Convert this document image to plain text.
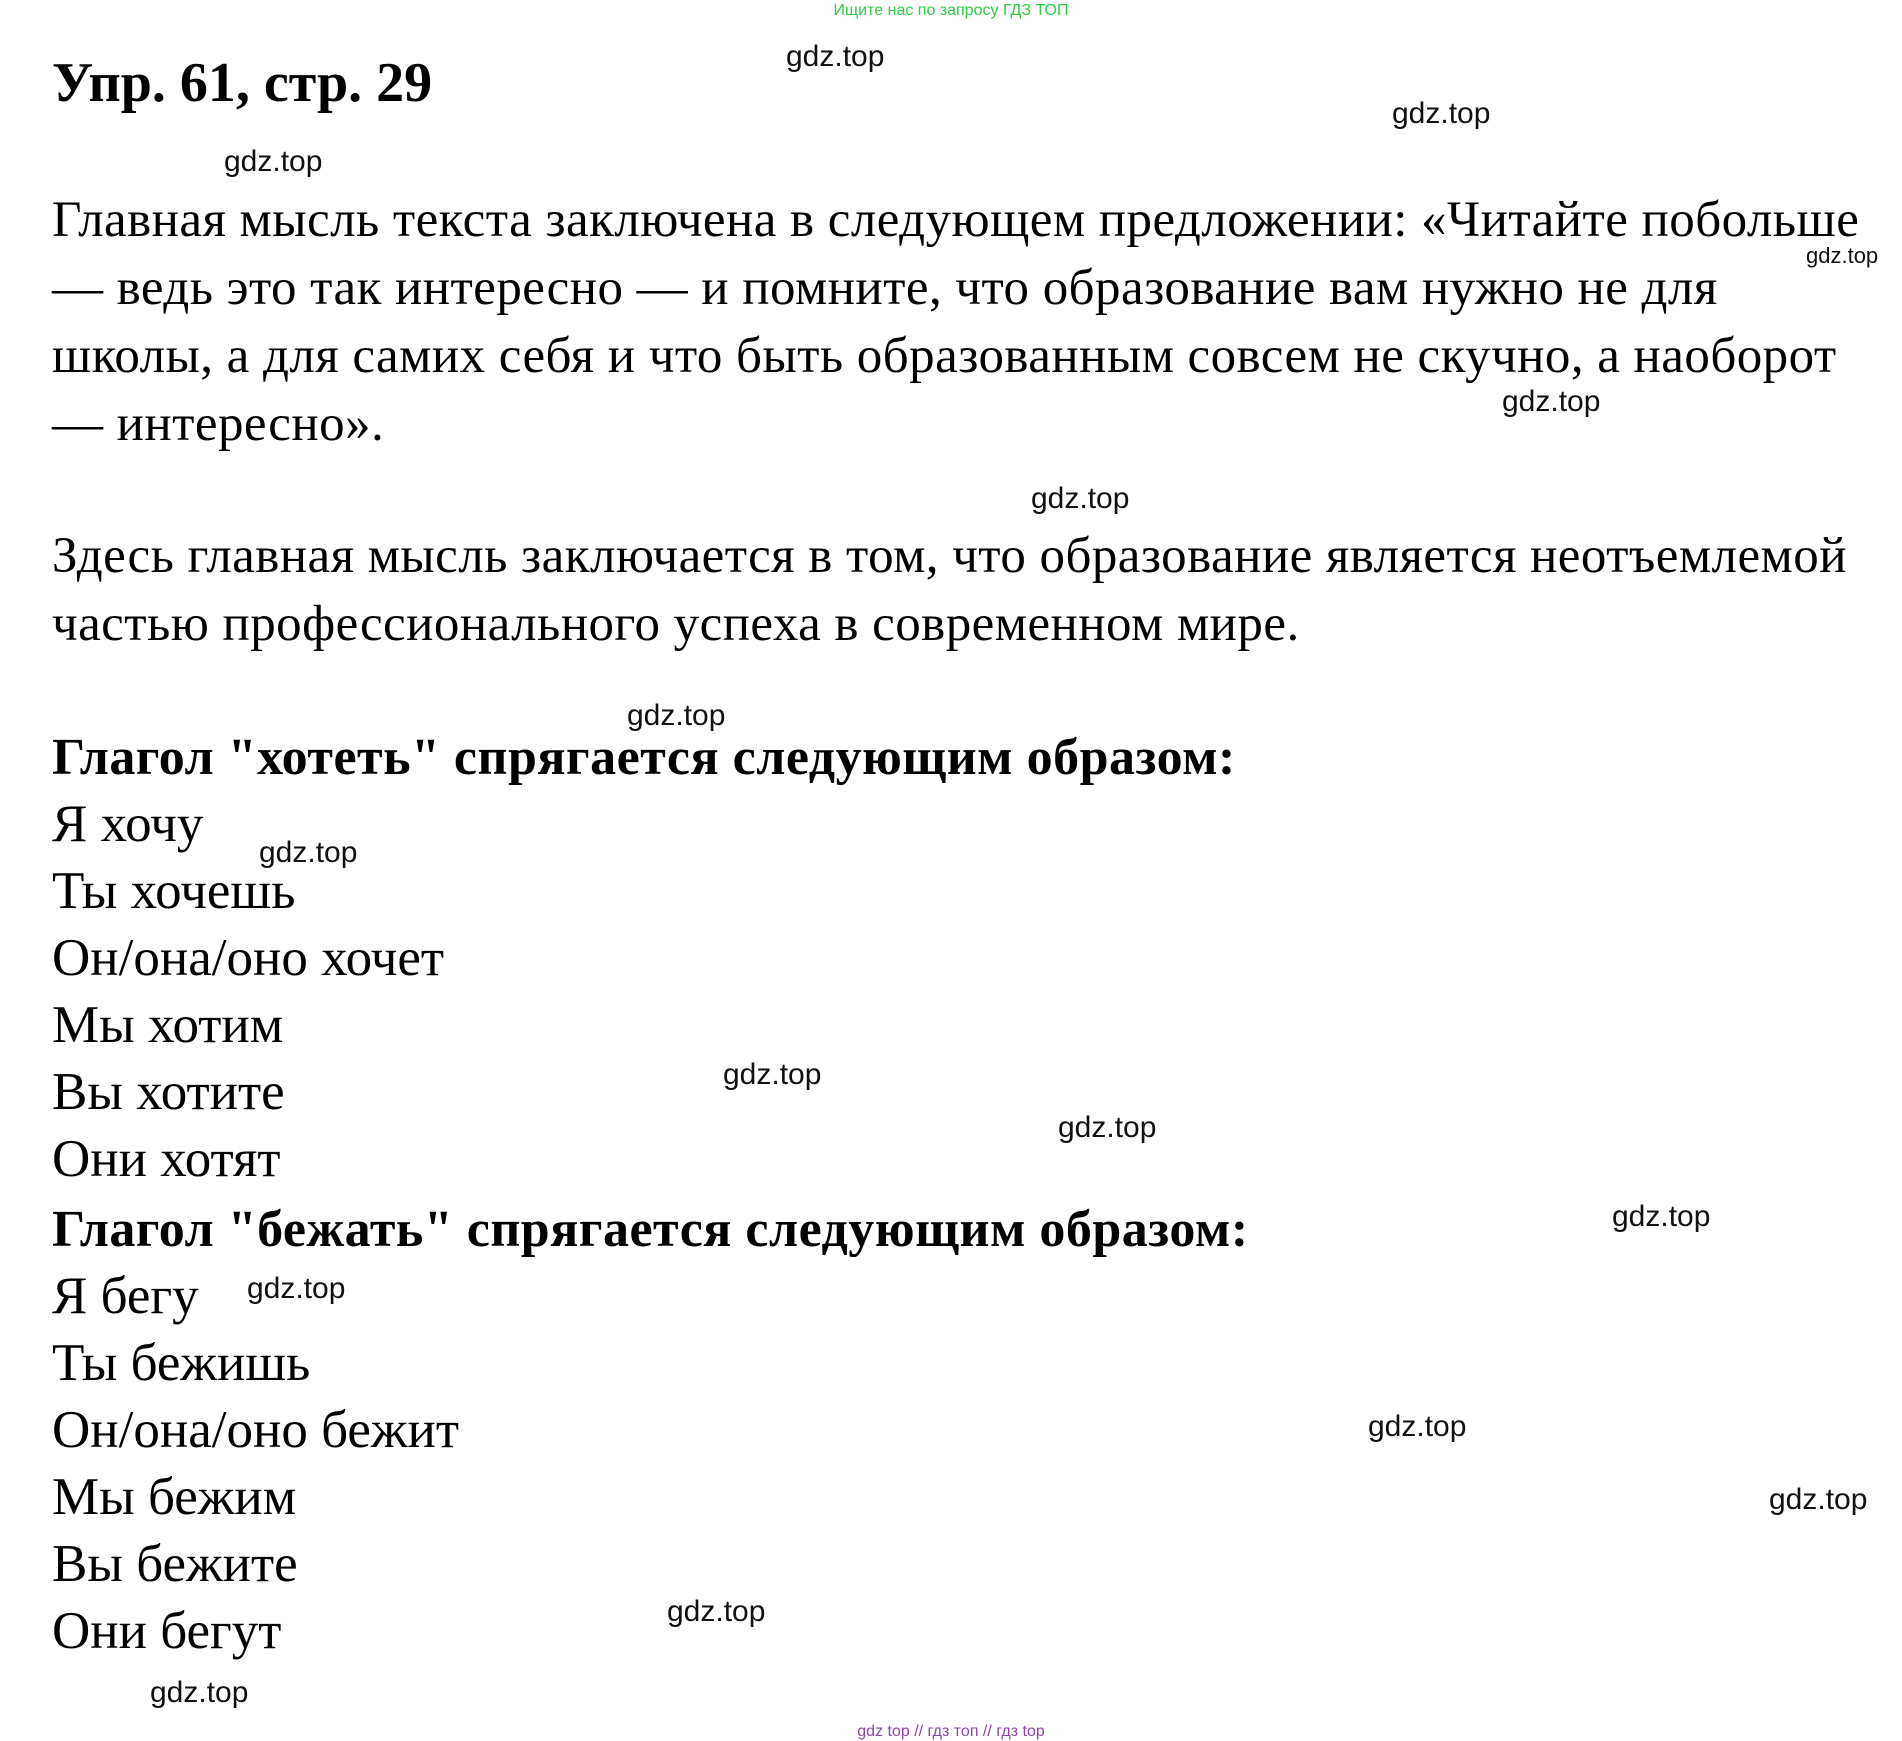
Ищите нас по запросу ГДЗ ТОП
Упр. 61, стр. 29

Главная мысль текста заключена в следующем предложении: «Читайте побольше — ведь это так интересно — и помните, что образование вам нужно не для школы, а для самих себя и что быть образованным совсем не скучно, а наоборот — интересно».

Здесь главная мысль заключается в том, что образование является неотъемлемой частью профессионального успеха в современном мире.

Глагол "хотеть" спрягается следующим образом:
Я хочу
Ты хочешь
Он/она/оно хочет
Мы хотим
Вы хотите
Они хотят
Глагол "бежать" спрягается следующим образом:
Я бегу
Ты бежишь
Он/она/оно бежит
Мы бежим
Вы бежите
Они бегут
gdz.top
gdz.top
gdz.top
gdz.top
gdz.top
gdz.top
gdz.top
gdz.top
gdz.top
gdz.top
gdz.top
gdz.top
gdz.top
gdz.top
gdz.top
gdz.top
gdz top // гдз топ // гдз top
